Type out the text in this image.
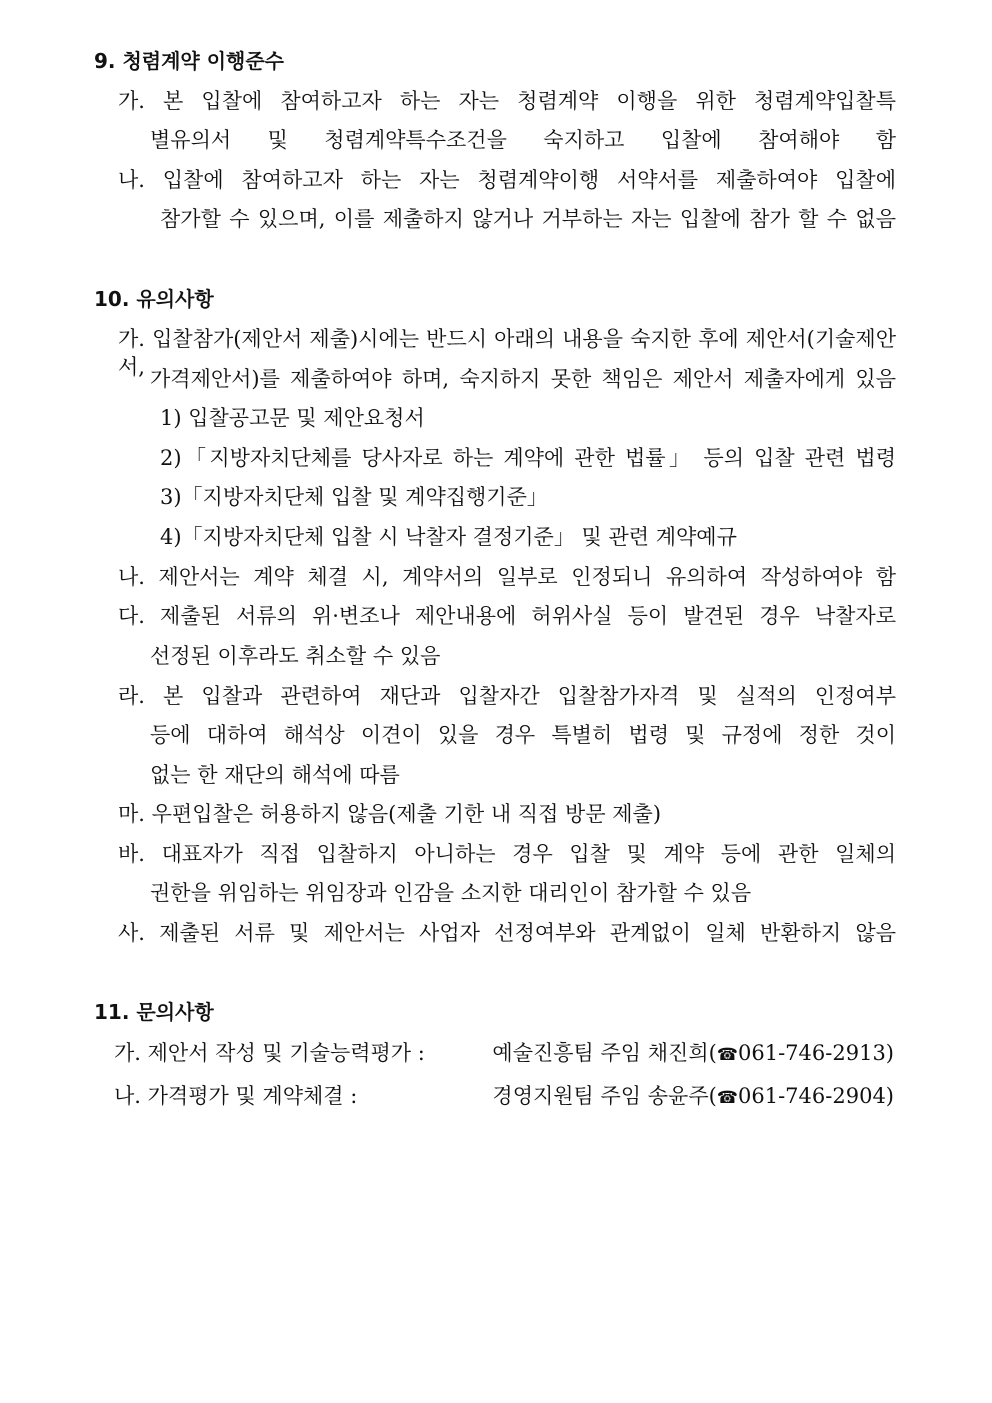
9. 청렴계약 이행준수
가. 본 입찰에 참여하고자 하는 자는 청렴계약 이행을 위한 청렴계약입찰특
별유의서 및 청렴계약특수조건을 숙지하고 입찰에 참여해야 함
나. 입찰에 참여하고자 하는 자는 청렴계약이행 서약서를 제출하여야 입찰에
참가할 수 있으며, 이를 제출하지 않거나 거부하는 자는 입찰에 참가 할 수 없음
10. 유의사항
가. 입찰참가(제안서 제출)시에는 반드시 아래의 내용을 숙지한 후에 제안서(기술제안서, 가격제안서)를 제출하여야 하며, 숙지하지 못한 책임은 제안서 제출자에게 있음
1) 입찰공고문 및 제안요청서
2)「지방자치단체를 당사자로 하는 계약에 관한 법률」 등의 입찰 관련 법령
3)「지방자치단체 입찰 및 계약집행기준」
4)「지방자치단체 입찰 시 낙찰자 결정기준」 및 관련 계약예규
나. 제안서는 계약 체결 시, 계약서의 일부로 인정되니 유의하여 작성하여야 함
다. 제출된 서류의 위·변조나 제안내용에 허위사실 등이 발견된 경우 낙찰자로
선정된 이후라도 취소할 수 있음
라. 본 입찰과 관련하여 재단과 입찰자간 입찰참가자격 및 실적의 인정여부
등에 대하여 해석상 이견이 있을 경우 특별히 법령 및 규정에 정한 것이
없는 한 재단의 해석에 따름
마. 우편입찰은 허용하지 않음(제출 기한 내 직접 방문 제출)
바. 대표자가 직접 입찰하지 아니하는 경우 입찰 및 계약 등에 관한 일체의
권한을 위임하는 위임장과 인감을 소지한 대리인이 참가할 수 있음
사. 제출된 서류 및 제안서는 사업자 선정여부와 관계없이 일체 반환하지 않음
11. 문의사항
가. 제안서 작성 및 기술능력평가 :	예술진흥팀 주임 채진희(☎061-746-2913)
나. 가격평가 및 계약체결 :	경영지원팀 주임 송윤주(☎061-746-2904)
